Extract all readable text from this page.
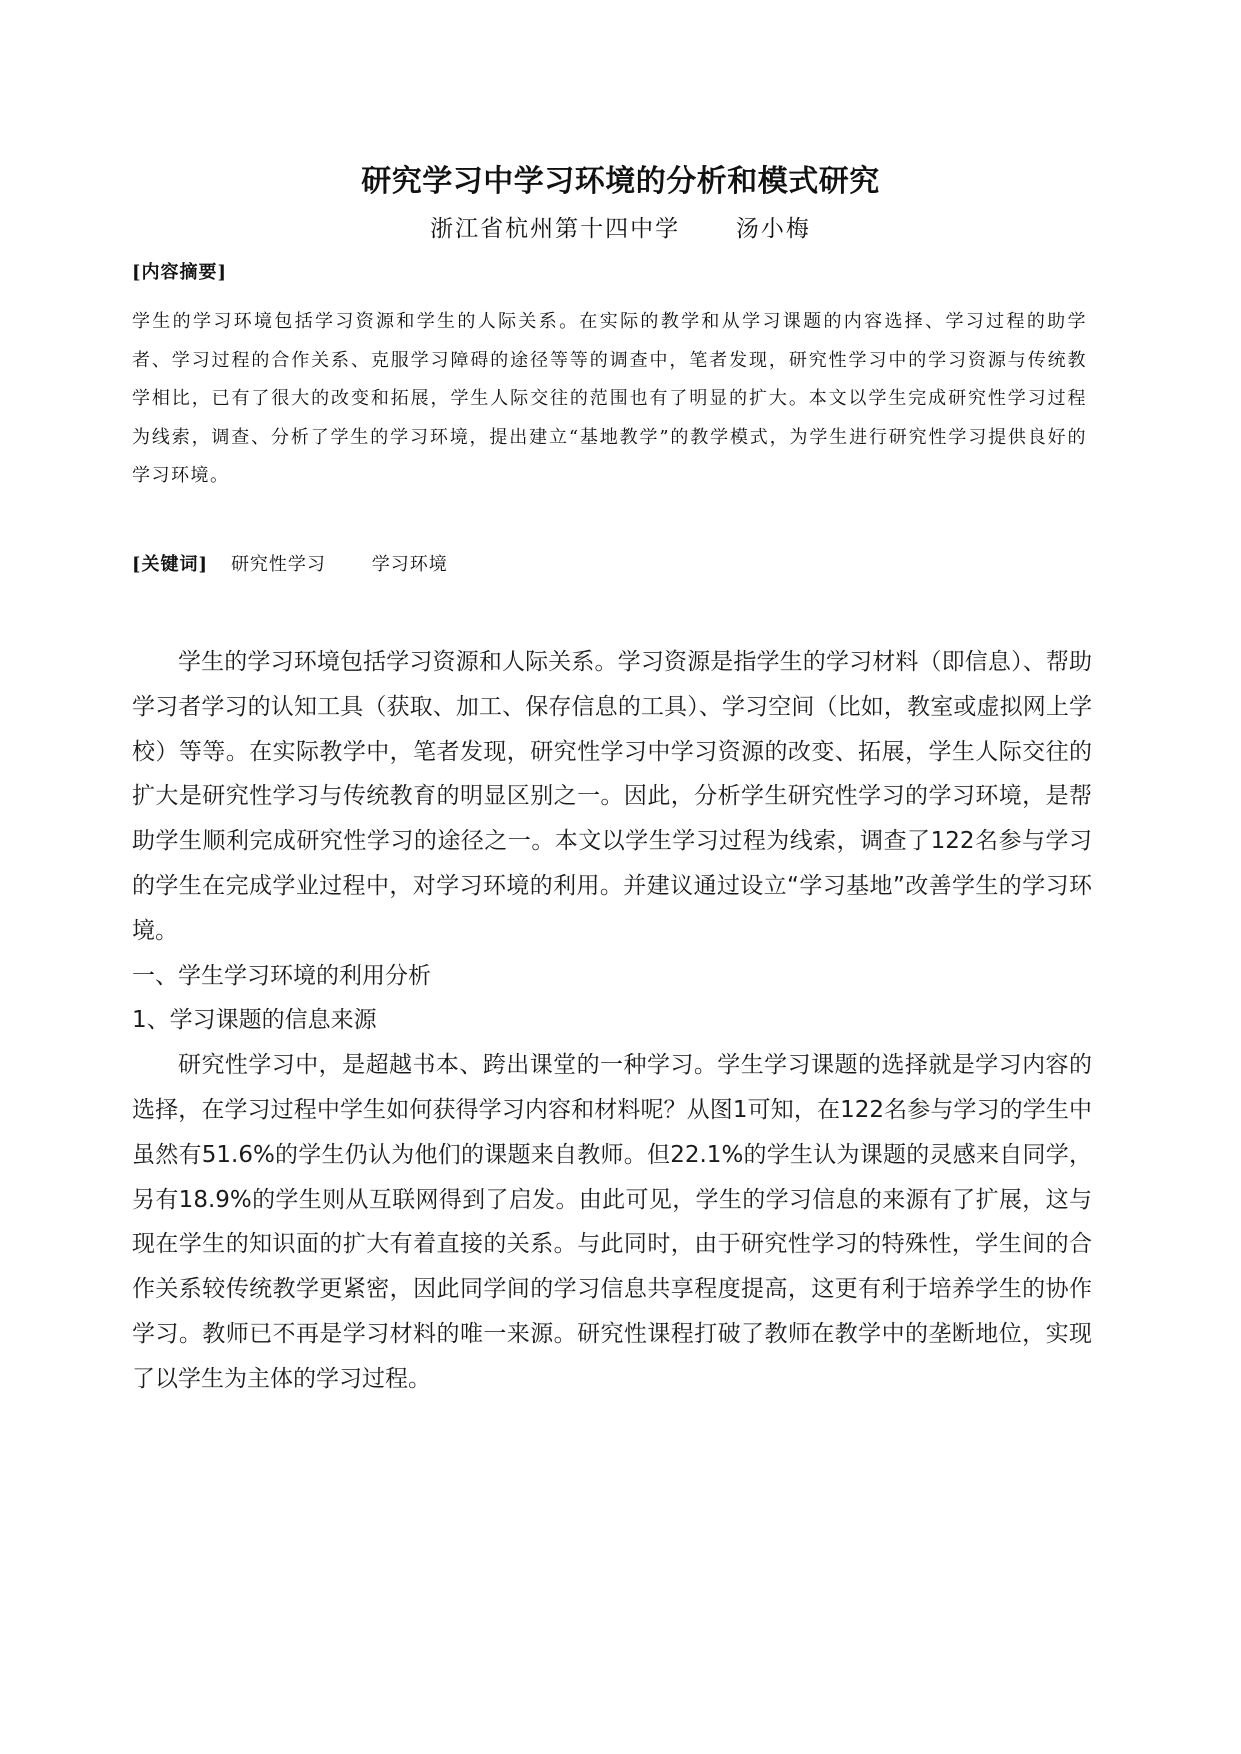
研究学习中学习环境的分析和模式研究
浙江省杭州第十四中学      汤小梅
[内容摘要]

学生的学习环境包括学习资源和学生的人际关系。在实际的教学和从学习课题的内容选择、学习过程的助学者、学习过程的合作关系、克服学习障碍的途径等等的调查中，笔者发现，研究性学习中的学习资源与传统教学相比，已有了很大的改变和拓展，学生人际交往的范围也有了明显的扩大。本文以学生完成研究性学习过程为线索，调查、分析了学生的学习环境，提出建立“基地教学”的教学模式，为学生进行研究性学习提供良好的学习环境。

[关键词] 研究性学习	学习环境

学生的学习环境包括学习资源和人际关系。学习资源是指学生的学习材料（即信息）、帮助学习者学习的认知工具（获取、加工、保存信息的工具）、学习空间（比如，教室或虚拟网上学校）等等。在实际教学中，笔者发现，研究性学习中学习资源的改变、拓展，学生人际交往的扩大是研究性学习与传统教育的明显区别之一。因此，分析学生研究性学习的学习环境，是帮助学生顺利完成研究性学习的途径之一。本文以学生学习过程为线索，调查了122名参与学习的学生在完成学业过程中，对学习环境的利用。并建议通过设立“学习基地”改善学生的学习环境。

一、学生学习环境的利用分析

1、学习课题的信息来源

研究性学习中，是超越书本、跨出课堂的一种学习。学生学习课题的选择就是学习内容的选择，在学习过程中学生如何获得学习内容和材料呢？从图1可知，在122名参与学习的学生中虽然有51.6%的学生仍认为他们的课题来自教师。但22.1%的学生认为课题的灵感来自同学，另有18.9%的学生则从互联网得到了启发。由此可见，学生的学习信息的来源有了扩展，这与现在学生的知识面的扩大有着直接的关系。与此同时，由于研究性学习的特殊性，学生间的合作关系较传统教学更紧密，因此同学间的学习信息共享程度提高，这更有利于培养学生的协作学习。教师已不再是学习材料的唯一来源。研究性课程打破了教师在教学中的垄断地位，实现了以学生为主体的学习过程。
